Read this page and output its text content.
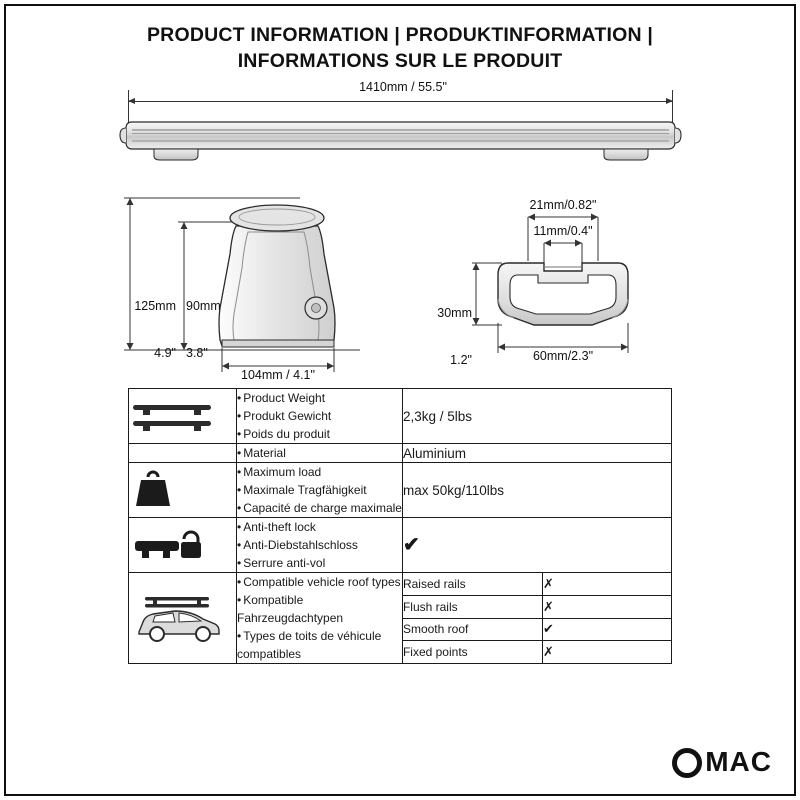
PRODUCT INFORMATION | PRODUKTINFORMATION |
INFORMATIONS SUR LE PRODUIT
1410mm / 55.5"

125mm

4.9"

90mm

3.8"

104mm / 4.1"
21mm/0.82"
11mm/0.4"

30mm

1.2"

	60mm/2.3"

• Product Weight
• Produkt Gewicht
• Poids du produit
	2,3kg / 5lbs

• Material	Aluminium

• Maximum load
• Maximale Tragfähigkeit
• Capacité de charge maximale
	max 50kg/110lbs

• Anti-theft lock
• Anti-Diebstahlschloss
• Serrure anti-vol
	✔

• Compatible vehicle roof types
• Kompatible Fahrzeugdachtypen
• Types de toits de véhicule compatibles
	Raised rails	✗
		Flush rails	✗
		Smooth roof	✔
		Fixed points	✗
MAC
